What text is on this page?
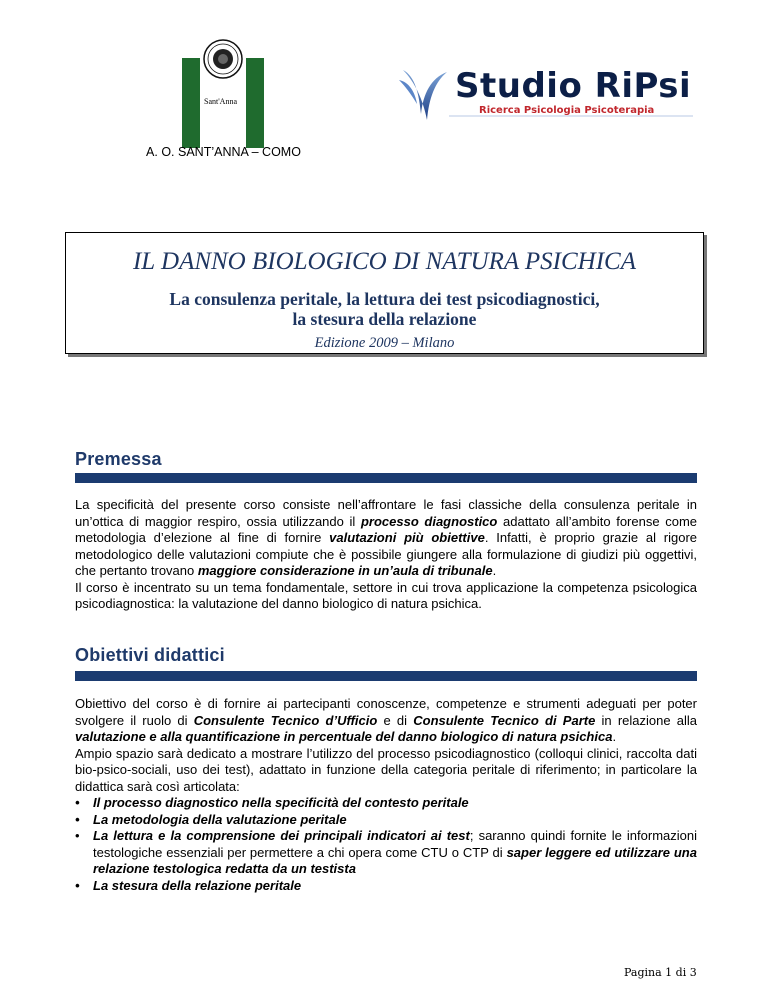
Sant'Anna
A. O. SANT’ANNA – COMO
Studio RiPsi
Ricerca Psicologia Psicoterapia
IL DANNO BIOLOGICO DI NATURA PSICHICA
La consulenza peritale, la lettura dei test psicodiagnostici,
la stesura della relazione
Edizione 2009 – Milano
Premessa

La specificità del presente corso consiste nell’affrontare le fasi classiche della consulenza peritale in un’ottica di maggior respiro, ossia utilizzando il processo diagnostico adattato all’ambito forense come metodologia d’elezione al fine di fornire valutazioni più obiettive. Infatti, è proprio grazie al rigore metodologico delle valutazioni compiute che è possibile giungere alla formulazione di giudizi più oggettivi, che pertanto trovano maggiore considerazione in un’aula di tribunale.

Il corso è incentrato su un tema fondamentale, settore in cui trova applicazione la competenza psicologica psicodiagnostica: la valutazione del danno biologico di natura psichica.

Obiettivi didattici

Obiettivo del corso è di fornire ai partecipanti conoscenze, competenze e strumenti adeguati per poter svolgere il ruolo di Consulente Tecnico d’Ufficio e di Consulente Tecnico di Parte in relazione alla valutazione e alla quantificazione in percentuale del danno biologico di natura psichica.

Ampio spazio sarà dedicato a mostrare l’utilizzo del processo psicodiagnostico (colloqui clinici, raccolta dati bio-psico-sociali, uso dei test), adattato in funzione della categoria peritale di riferimento; in particolare la didattica sarà così articolata:

• Il processo diagnostico nella specificità del contesto peritale
• La metodologia della valutazione peritale
• La lettura e la comprensione dei principali indicatori ai test; saranno quindi fornite le informazioni testologiche essenziali per permettere a chi opera come CTU o CTP di saper leggere ed utilizzare una relazione testologica redatta da un testista
• La stesura della relazione peritale
Pagina 1 di 3
